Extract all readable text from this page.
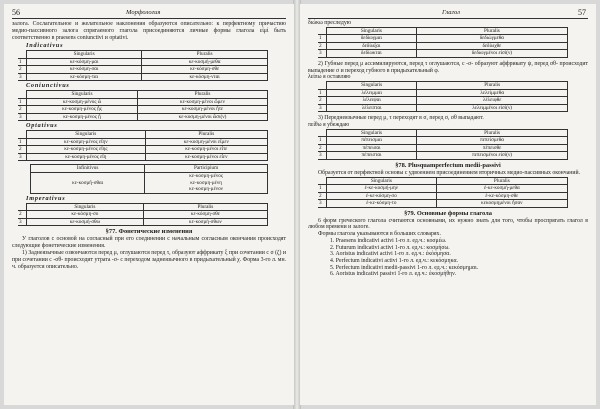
56	Морфология

залога. Сослагательное и желательное наклонения образуются описательно: к перфектному причастию медио-пассивного залога спрягаемого глагола присоединяются личные формы глагола εἰμί быть соответственно в praesens coniunctivi и optativi.

Indicativus
	Singularis	Pluralis
1	κε-κόσμη-μαι	κε-κοσμή-μεθα
2	κε-κόσμη-σαι	κε-κόσμη-σθε
3	κε-κόσμη-ται	κε-κόσμη-νται
Coniunctivus
	Singularis	Pluralis
1	κε-κοσμη-μένος ὦ	κε-κοσμη-μένοι ὦμεν
2	κε-κοσμη-μένος ᾖς	κε-κοσμη-μένοι ἦτε
3	κε-κοσμη-μένος ᾖ	κε-κοσμη-μένοι ὦσι(ν)
Optativus
	Singularis	Pluralis
1	κε-κοσμη-μένος εἴην	κε-κοσμη-μένοι εἶμεν
2	κε-κοσμη-μένος εἴης	κε-κοσμη-μένοι εἶτε
3	κε-κοσμη-μένος εἴη	κε-κοσμη-μένοι εἶεν
Infinitivus	Participium
κε-κοσμῆ-σθαι	κε-κοσμη-μένος
κε-κοσμη-μένη
κε-κοσμη-μένον
Imperativus
	Singularis	Pluralis
2	κε-κόσμη-σο	κε-κόσμη-σθε
3	κε-κοσμή-σθω	κε-κοσμή-σθων
§77. Фонетические изменения

У глаголов с основой на согласный при его соединении с начальным согласным окончания происходят следующие фонетические изменения.

1) Заднеязычные озвончаются перед μ, оглушаются перед τ, образуют аффрикату ξ при сочетании с σ (ζ) и при сочетании с -σθ- происходит утрата -σ- с переходом заднеязычного в придыхательный χ. Форма 3-го л. мн. ч. образуется описательно.

Глагол	57

διώκω преследую

	Singularis	Pluralis
1	δεδίωγμαι	δεδιώγμεθα
2	δεδίωξαι	δεδίωχθε
3	δεδίωκται	δεδιωγμένοι εἰσί(ν)

2) Губные перед μ ассимилируются, перед τ оглушаются, с -σ- образуют аффрикату ψ, перед σθ- происходит выпадение σ и переход губного в придыхательный φ.

λείπω я оставляю

	Singularis	Pluralis
1	λέλειμμαι	λελείμμεθα
2	λέλειψαι	λέλειφθε
3	λέλειπται	λελειμμένοι εἰσί(ν)

3) Переднеязычные перед μ, τ переходят в σ, перед σ, σθ выпадают.

πείθω я убеждаю

	Singularis	Pluralis
1	πέπεισμαι	πεπείσμεθα
2	πέπεισαι	πέπεισθε
3	πέπεισται	πεπεισμένοι εἰσί(ν)
§78. Plusquamperfectum medii-passivi

Образуется от перфектной основы с удвоением присоединением вторичных медио-пассивных окончаний.

	Singularis	Pluralis
1	ἐ-κε-κοσμή-μην	ἐ-κε-κοσμή-μεθα
2	ἐ-κε-κόσμη-σο	ἐ-κε-κόσμη-σθε
3	ἐ-κε-κόσμη-το	κεκοσμημένοι ἦσαν
§79. Основные формы глагола

6 форм греческого глагола считаются основными, их нужно знать для того, чтобы проспрягать глагол в любом времени и залоге.

Формы глагола указываются в больших словарях.

1. Praesens indicativi activi 1-го л. ед.ч.: κοσμέω.
2. Futurum indicativi activi 1-го л. ед.ч.: κοσμήσω.
3. Aoristus indicativi activi 1-го л. ед.ч.: ἐκόσμησα.
4. Perfectum indicativi activi 1-го л. ед.ч.: κεκόσμηκα.
5. Perfectum indicativi medii-passivi 1-го л. ед.ч.: κεκόσμημαι.
6. Aoristus indicativi passivi 1-го л. ед.ч.: ἐκοσμήθην.
